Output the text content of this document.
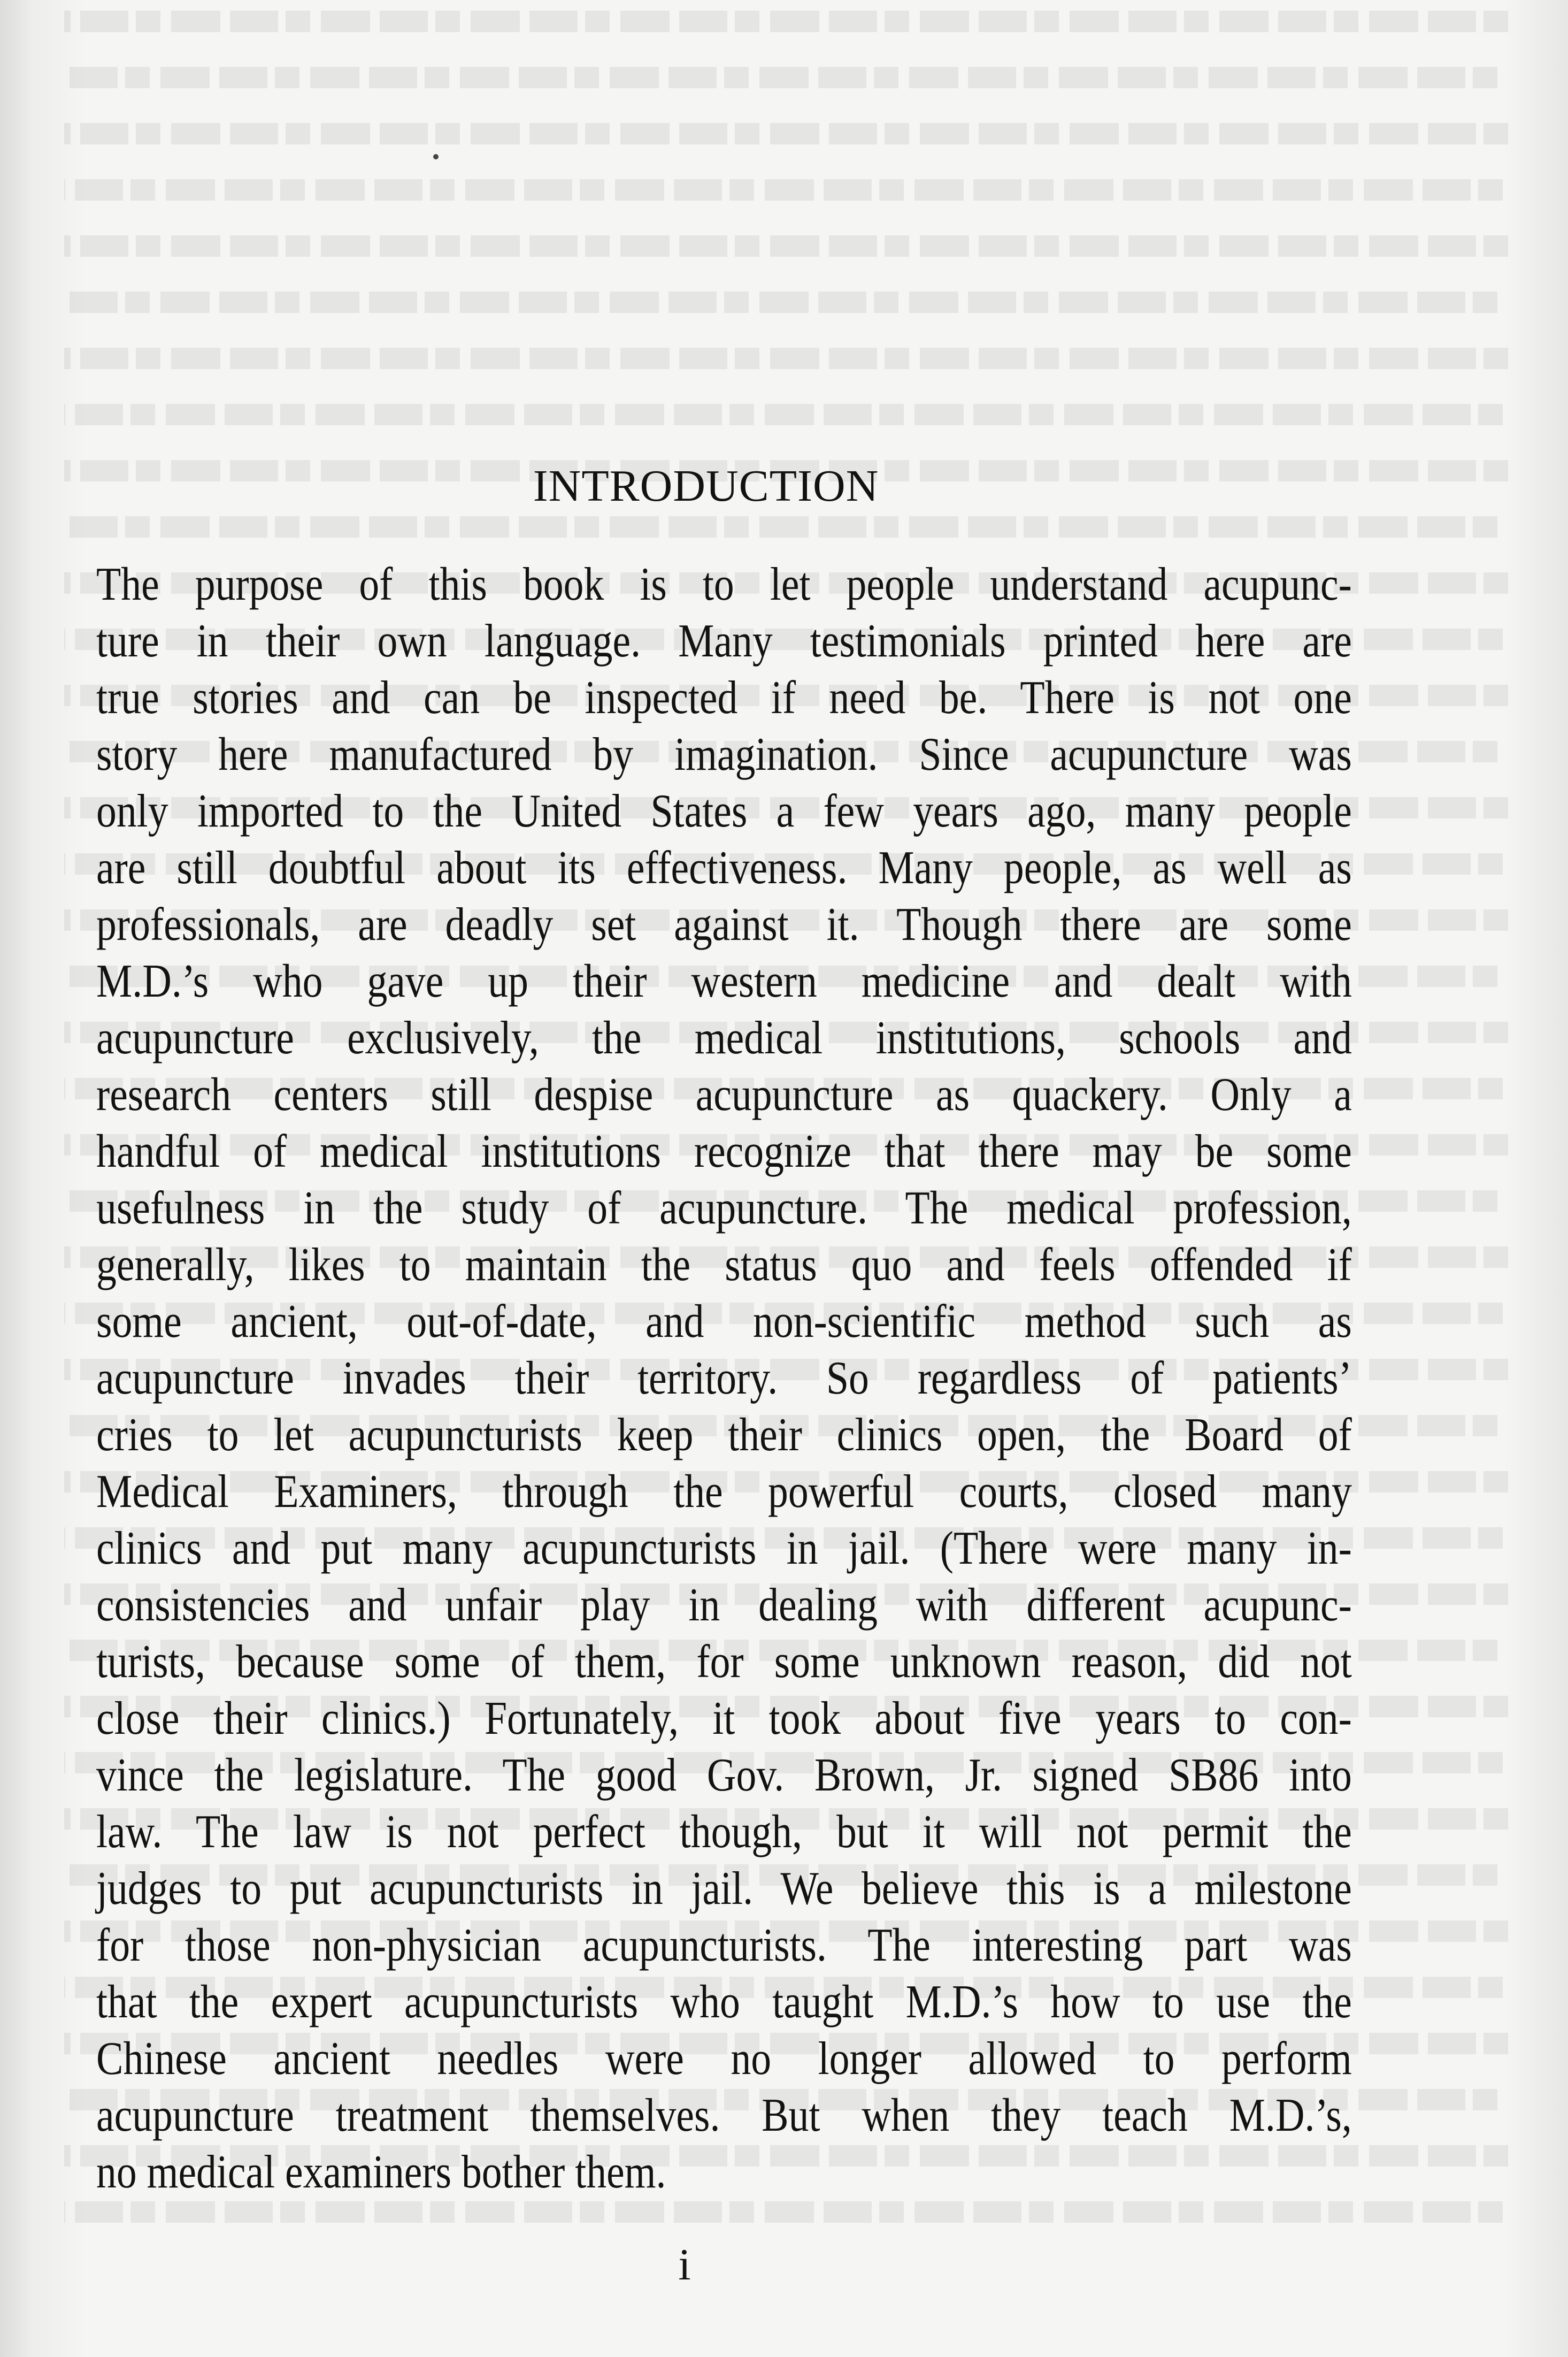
INTRODUCTION
The purpose of this book is to let people understand acupunc-
ture in their own language. Many testimonials printed here are
true stories and can be inspected if need be. There is not one
story here manufactured by imagination. Since acupuncture was
only imported to the United States a few years ago, many people
are still doubtful about its effectiveness. Many people, as well as
professionals, are deadly set against it. Though there are some
M.D.’s who gave up their western medicine and dealt with
acupuncture exclusively, the medical institutions, schools and
research centers still despise acupuncture as quackery. Only a
handful of medical institutions recognize that there may be some
usefulness in the study of acupuncture. The medical profession,
generally, likes to maintain the status quo and feels offended if
some ancient, out-of-date, and non-scientific method such as
acupuncture invades their territory. So regardless of patients’
cries to let acupuncturists keep their clinics open, the Board of
Medical Examiners, through the powerful courts, closed many
clinics and put many acupuncturists in jail. (There were many in-
consistencies and unfair play in dealing with different acupunc-
turists, because some of them, for some unknown reason, did not
close their clinics.) Fortunately, it took about five years to con-
vince the legislature. The good Gov. Brown, Jr. signed SB86 into
law. The law is not perfect though, but it will not permit the
judges to put acupuncturists in jail. We believe this is a milestone
for those non-physician acupuncturists. The interesting part was
that the expert acupuncturists who taught M.D.’s how to use the
Chinese ancient needles were no longer allowed to perform
acupuncture treatment themselves. But when they teach M.D.’s,
no medical examiners bother them.
i
